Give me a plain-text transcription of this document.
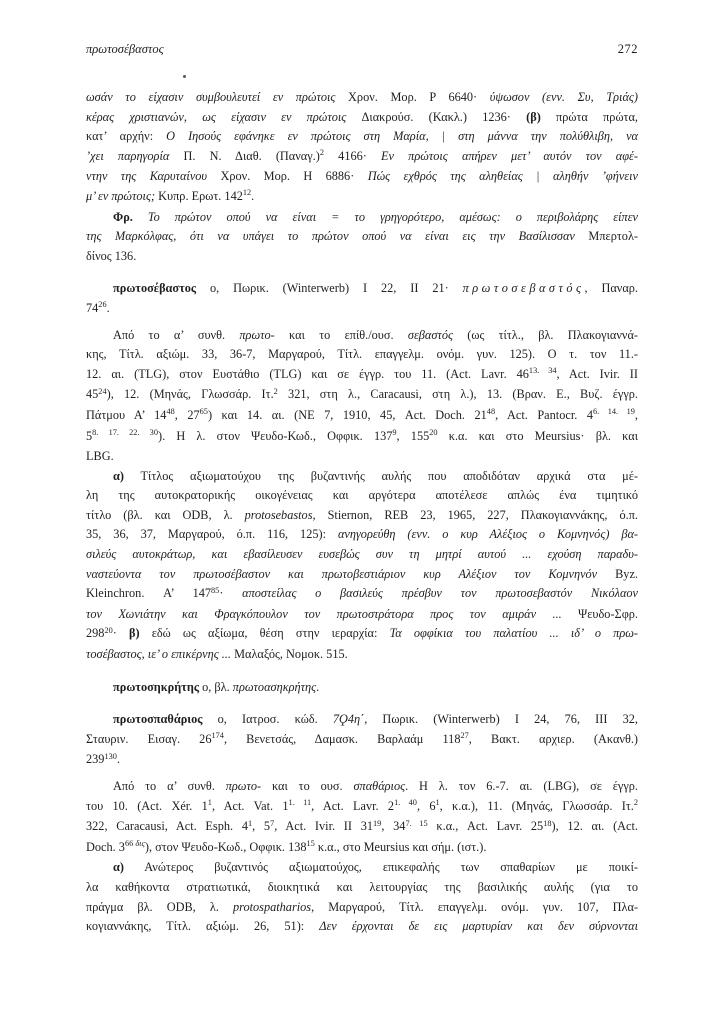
πρωτοσέβαστος	272
ωσάν το είχασιν συμβουλευτεί εν πρώτοις Χρον. Μορ. P 6640· ύψωσον (ενν. Συ, Τριάς)
κέρας χριστιανών, ως είχασιν εν πρώτοις Διακρούσ. (Κακλ.) 1236· (β) πρώτα πρώτα,
κατ’ αρχήν: Ο Ιησούς εφάνηκε εν πρώτοις στη Μαρία, | στη μάννα την πολύθλιβη, να
’χει παρηγορία Π. Ν. Διαθ. $(\Pi\alpha\nu\alpha\gamma.)^2$ 4166· Εν πρώτοις απήρεν μετ’ αυτόν τον αφέ-
ντην της Καρυταίνου Χρον. Μορ. Η 6886· Πώς εχθρός της αληθείας | αληθήν ’φήνειν
μ’ εν πρώτοις; Κυπρ. Ερωτ. $142^{12}$.
Φρ. Το πρώτον οπού να είναι = το γρηγορότερο, αμέσως: ο περιβολάρης είπεν
της Μαρκόλφας, ότι να υπάγει το πρώτον οπού να είναι εις την Βασίλισσαν Μπερτολ-
δίνος 136.
πρωτοσέβαστος ο, Πωρικ. (Winterwerb) I 22, II 21· πρωτοσεβαστός, Παναρ.
$74^{26}$.
Από το α’ συνθ. πρωτο- και το επίθ./ουσ. σεβαστός (ως τίτλ., βλ. Πλακογιαννά-
κης, Τίτλ. αξιώμ. 33, 36-7, Μαργαρού, Τίτλ. επαγγελμ. ονόμ. γυν. 125). Ο τ. τον 11.-
12. αι. (TLG), στον Ευστάθιο (TLG) και σε έγγρ. του 11. (Act. Lavr. $46^{13. 34}$, Act. Ivir. II
$45^{24}$), 12. (Μηνάς, Γλωσσάρ. Ιτ.$^2$ 321, στη λ., Caracausi, στη λ.), 13. (Βραν. Ε., Βυζ. έγγρ.
Πάτμου Α’ $14^{48}$, $27^{65}$) και 14. αι. (ΝΕ 7, 1910, 45, Act. Doch. $21^{48}$, Act. Pantocr. $4^{6. 14. 19}$,
$5^{8. 17. 22. 30}$). Η λ. στον Ψευδο-Κωδ., Οφφικ. $137^9$, $155^{20}$ κ.α. και στο Meursius· βλ. και
LBG.
α) Τίτλος αξιωματούχου της βυζαντινής αυλής που αποδιδόταν αρχικά στα μέ-
λη της αυτοκρατορικής οικογένειας και αργότερα αποτέλεσε απλώς ένα τιμητικό
τίτλο (βλ. και ODB, λ. protosebastos, Stiernon, REB 23, 1965, 227, Πλακογιαννάκης, ό.π.
35, 36, 37, Μαργαρού, ό.π. 116, 125): ανηγορεύθη (ενν. ο κυρ Αλέξιος ο Κομνηνός) βα-
σιλεύς αυτοκράτωρ, και εβασίλευσεν ευσεβώς συν τη μητρί αυτού ... εχούση παραδυ-
ναστεύοντα τον πρωτοσέβαστον και πρωτοβεστιάριον κυρ Αλέξιον τον Κομνηνόν Byz.
Kleinchron. Α’ $147^{85}\cdot \alpha\pi o\sigma\tau\varepsilon ί\lambda\alpha\varsigma$ ο βασιλεύς πρέσβυν τον πρωτοσεβαστόν Νικόλαον
τον Χωνιάτην και Φραγκόπουλον τον πρωτοστράτορα προς τον αμιράν ... Ψευδο-Σφρ.
$298^{20}\cdot \beta$) εδώ ως αξίωμα, θέση στην ιεραρχία: Τα οφφίκια του παλατίου ... ιδ’ ο πρω-
τοσέβαστος, ιε’ ο επικέρνης ... Μαλαξός, Νομοκ. 515.
πρωτοσηκρήτης ο, βλ. πρωτοασηκρήτης.
πρωτοσπαθάριος ο, Ιατροσ. κώδ. 7Ϙ4η΄, Πωρικ. (Winterwerb) I 24, 76, III 32,
Σταυριν. Εισαγ. $26^{174}$, Βενετσάς, Δαμασκ. Βαρλαάμ $118^{27}$, Βακτ. αρχιερ. (Ακανθ.)
$239^{130}$.
Από το α’ συνθ. πρωτο- και το ουσ. σπαθάριος. Η λ. τον 6.-7. αι. (LBG), σε έγγρ.
του 10. (Act. Xér. $1^1$, Act. Vat. $1^{1. 11}$, Act. Lavr. $2^{1. 40}$, $6^1$, κ.α.), 11. (Μηνάς, Γλωσσάρ. Ιτ.$^2$
322, Caracausi, Act. Esph. $4^1$, $5^7$, Act. Ivir. II $31^{19}$, $34^{7. 15}$ κ.α., Act. Lavr. $25^{18}$), 12. αι. (Act.
Doch. $3^{66}$ $^{\delta\iota\varsigma}$), στον Ψευδο-Κωδ., Οφφικ. $138^{15}$ κ.α., στο Meursius και σήμ. (ιστ.).
α) Ανώτερος βυζαντινός αξιωματούχος, επικεφαλής των σπαθαρίων με ποικί-
λα καθήκοντα στρατιωτικά, διοικητικά και λειτουργίας της βασιλικής αυλής (για το
πράγμα βλ. ODB, λ. protospatharios, Μαργαρού, Τίτλ. επαγγελμ. ονόμ. γυν. 107, Πλα-
κογιαννάκης, Τίτλ. αξιώμ. 26, 51): Δεν έρχονται δε εις μαρτυρίαν και δεν σύρνονται
